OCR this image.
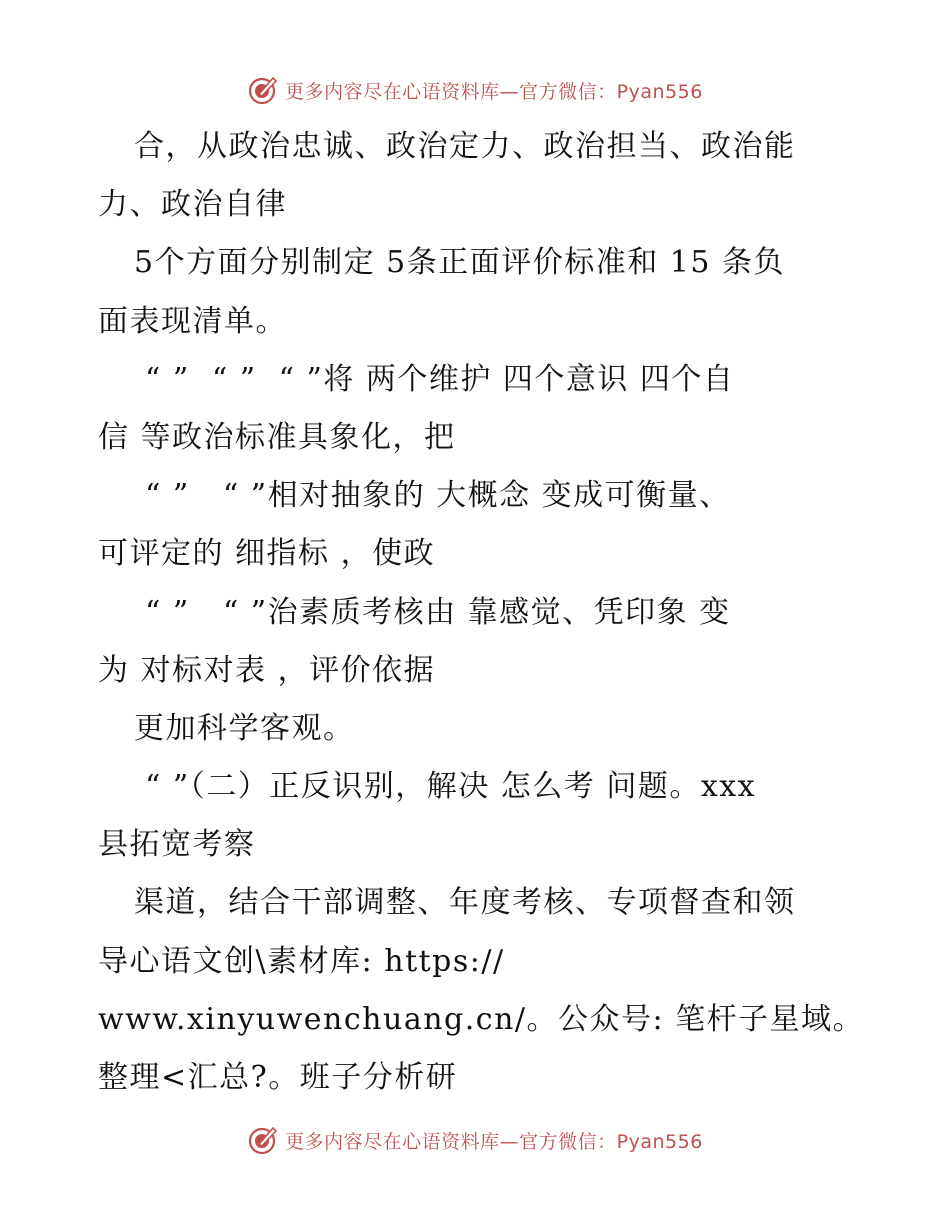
更多内容尽在心语资料库—官方微信：Pyan556
合，从政治忠诚、政治定力、政治担当、政治能
力、政治自律
5个方面分别制定 5条正面评价标准和 15 条负
面表现清单。
“ ”  “ ”  “ ”将 两个维护 四个意识 四个自
信 等政治标准具象化，把
“ ”   “ ”相对抽象的 大概念 变成可衡量、
可评定的 细指标 ，使政
“ ”   “ ”治素质考核由 靠感觉、凭印象 变
为 对标对表 ，评价依据
更加科学客观。
“ ”（二）正反识别，解决 怎么考 问题。xxx
县拓宽考察
渠道，结合干部调整、年度考核、专项督查和领
导心语文创\素材库: https://
www.xinyuwenchuang.cn/。公众号: 笔杆子星域。
整理<汇总?。班子分析研
更多内容尽在心语资料库—官方微信：Pyan556
